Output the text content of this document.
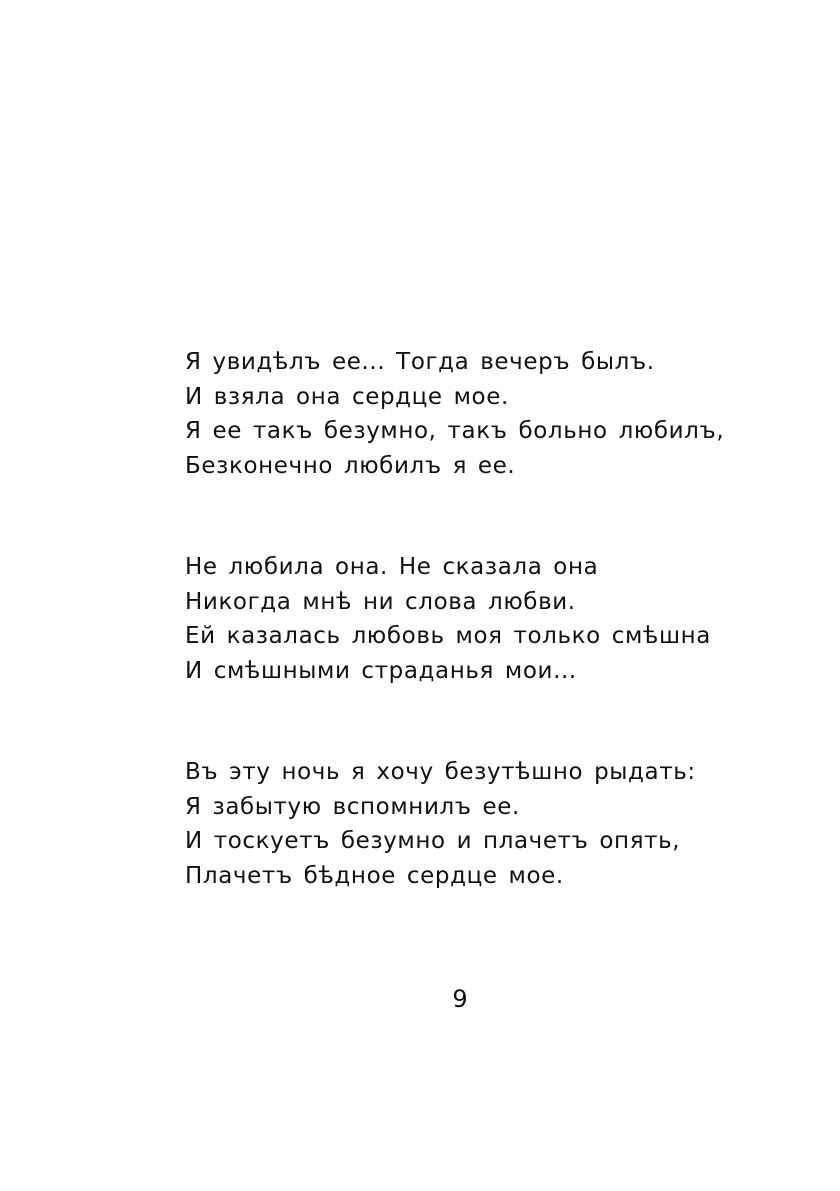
Я увидѣлъ ее... Тогда вечеръ былъ.
И взяла она сердце мое.
Я ее такъ безумно, такъ больно любилъ,
Безконечно любилъ я ее.
Не любила она. Не сказала она
Никогда мнѣ ни слова любви.
Ей казалась любовь моя только смѣшна
И смѣшными страданья мои...
Въ эту ночь я хочу безутѣшно рыдать:
Я забытую вспомнилъ ее.
И тоскуетъ безумно и плачетъ опять,
Плачетъ бѣдное сердце мое.
9
